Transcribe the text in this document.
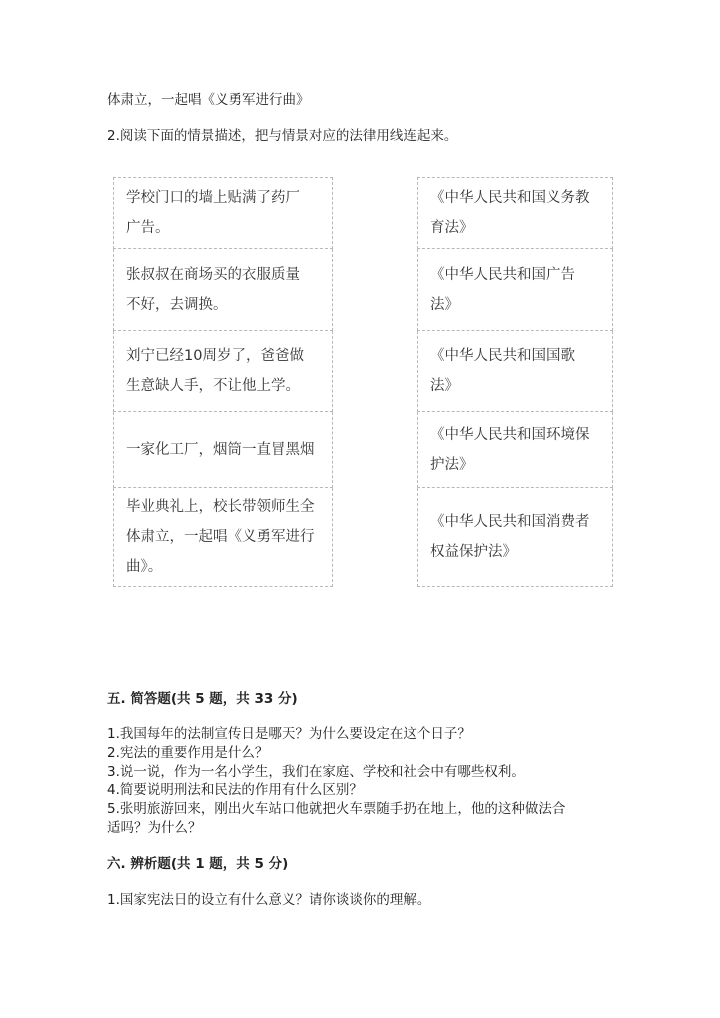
体肃立，一起唱《义勇军进行曲》
2.阅读下面的情景描述，把与情景对应的法律用线连起来。
学校门口的墙上贴满了药厂
广告。

张叔叔在商场买的衣服质量
不好，去调换。

刘宁已经10周岁了，爸爸做
生意缺人手，不让他上学。

一家化工厂，烟筒一直冒黑烟

毕业典礼上，校长带领师生全
体肃立，一起唱《义勇军进行
曲》。
《中华人民共和国义务教
育法》

《中华人民共和国广告
法》

《中华人民共和国国歌
法》

《中华人民共和国环境保
护法》

《中华人民共和国消费者
权益保护法》
五. 简答题(共 5 题，共 33 分)
1.我国每年的法制宣传日是哪天？为什么要设定在这个日子？
2.宪法的重要作用是什么？
3.说一说，作为一名小学生，我们在家庭、学校和社会中有哪些权利。
4.简要说明刑法和民法的作用有什么区别？
5.张明旅游回来，刚出火车站口他就把火车票随手扔在地上，他的这种做法合
适吗？为什么？
六. 辨析题(共 1 题，共 5 分)
1.国家宪法日的设立有什么意义？请你谈谈你的理解。
